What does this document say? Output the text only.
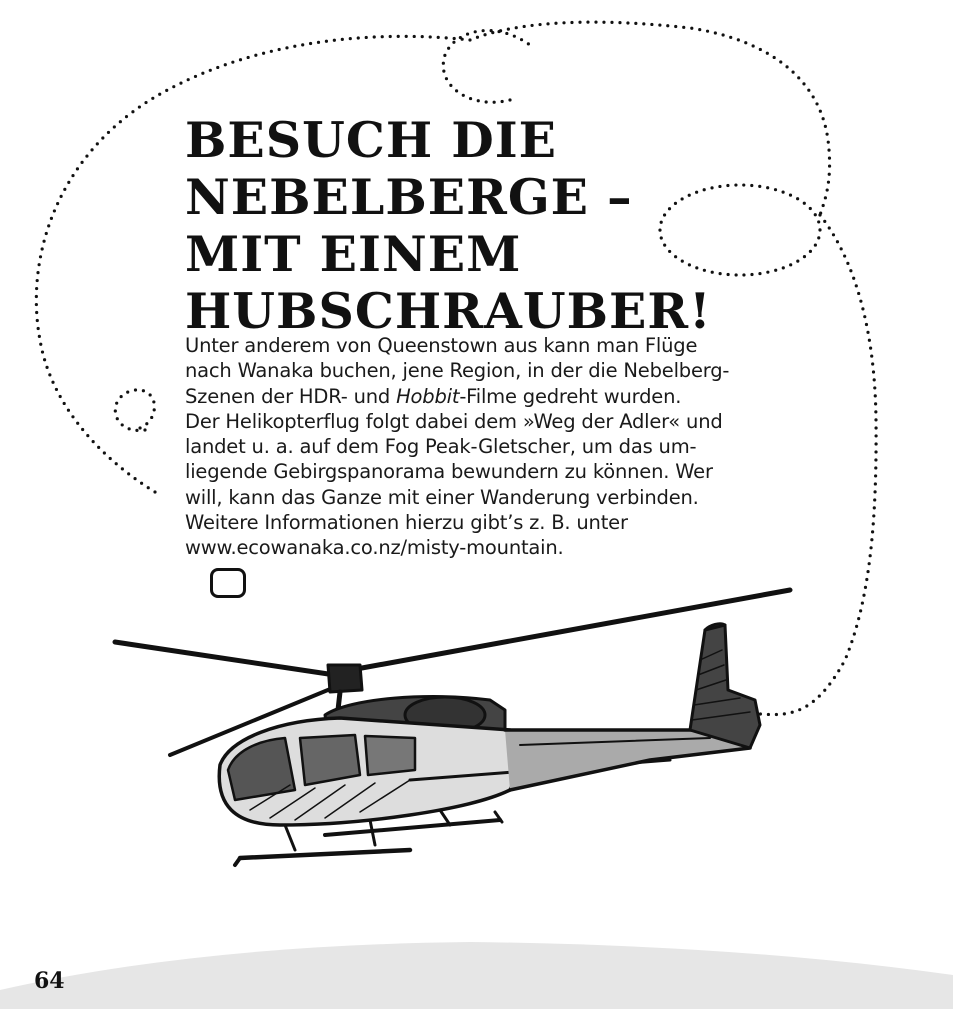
BESUCH DIE
NEBELBERGE –
MIT EINEM
HUBSCHRAUBER!

Unter anderem von Queenstown aus kann man Flüge
nach Wanaka buchen, jene Region, in der die Nebelberg-
Szenen der HDR- und Hobbit-Filme gedreht wurden.
Der Helikopterflug folgt dabei dem »Weg der Adler« und
landet u. a. auf dem Fog Peak-Gletscher, um das um-
liegende Gebirgspanorama bewundern zu können. Wer
will, kann das Ganze mit einer Wanderung verbinden.
Weitere Informationen hierzu gibt’s z. B. unter
www.ecowanaka.co.nz/misty-mountain.

64
